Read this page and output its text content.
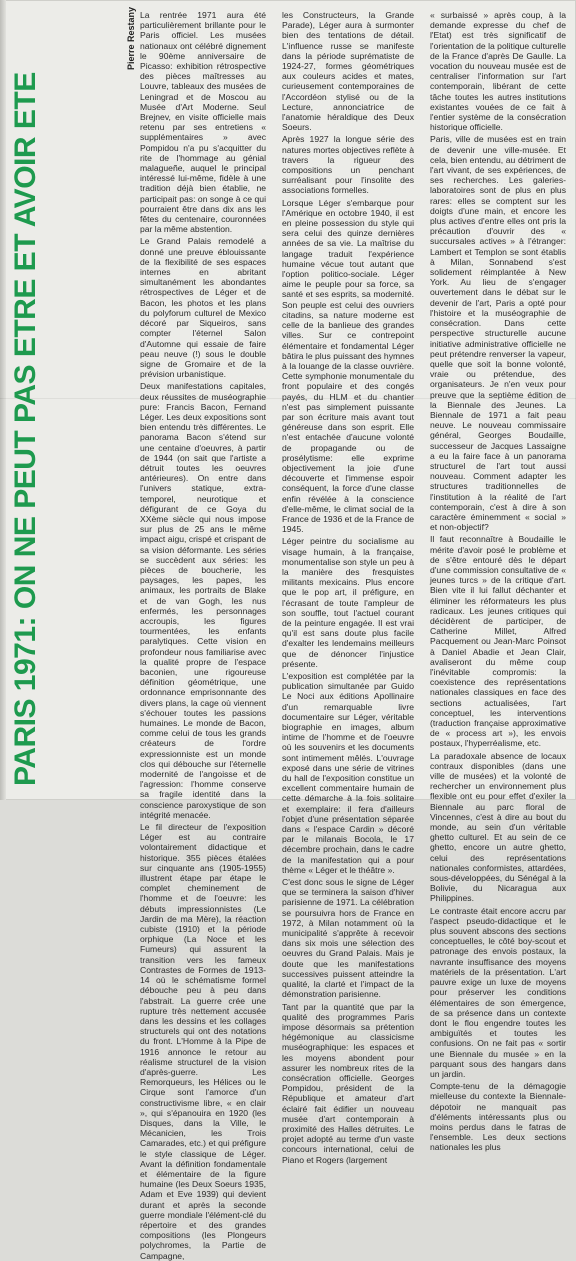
PARIS 1971: ON NE PEUT PAS ETRE ET AVOIR ETE
Pierre Restany La rentrée 1971 aura été particulièrement brillante pour le Paris officiel. Les musées nationaux ont célébré dignement le 90ème anniversaire de Picasso: exhibition rétrospective des pièces maîtresses au Louvre, tableaux des musées de Leningrad et de Moscou au Musée d'Art Moderne. Seul Brejnev, en visite officielle mais retenu par ses entretiens « supplémentaires » avec Pompidou n'a pu s'acquitter du rite de l'hommage au génial malagueñe, auquel le principal intéressé lui-même, fidèle à une tradition déjà bien établie, ne participait pas: on songe à ce qui pourraient être dans dix ans les fêtes du centenaire, couronnées par la même abstention.

Le Grand Palais remodelé a donné une preuve éblouissante de la flexibilité de ses espaces internes en abritant simultanément les abondantes rétrospectives de Léger et de Bacon, les photos et les plans du polyforum culturel de Mexico décoré par Siqueiros, sans compter l'éternel Salon d'Automne qui essaie de faire peau neuve (!) sous le double signe de Gromaire et de la prévision urbanistique.

Deux manifestations capitales, deux réussites de muséographie pure: Francis Bacon, Fernand Léger. Les deux expositions sont bien entendu très différentes. Le panorama Bacon s'étend sur une centaine d'oeuvres, à partir de 1944 (on sait que l'artiste a détruit toutes les oeuvres antérieures). On entre dans l'univers statique, extra-temporel, neurotique et défigurant de ce Goya du XXème siècle qui nous impose sur plus de 25 ans le même impact aigu, crispé et crispant de sa vision déformante. Les séries se succèdent aux séries: les pièces de boucherie, les paysages, les papes, les animaux, les portraits de Blake et de van Gogh, les nus enfermés, les personnages accroupis, les figures tourmentées, les enfants paralytiques. Cette vision en profondeur nous familiarise avec la qualité propre de l'espace baconien, une rigoureuse définition géométrique, une ordonnance emprisonnante des divers plans, la cage où viennent s'échouer toutes les passions humaines. Le monde de Bacon, comme celui de tous les grands créateurs de l'ordre expressionniste est un monde clos qui débouche sur l'éternelle modernité de l'angoisse et de l'agression: l'homme conserve sa fragile identité dans la conscience paroxystique de son intégrité menacée.

Le fil directeur de l'exposition Léger est au contraire volontairement didactique et historique. 355 pièces étalées sur cinquante ans (1905-1955) illustrent étape par étape le complet cheminement de l'homme et de l'oeuvre: les débuts impressionnistes (Le Jardin de ma Mère), la réaction cubiste (1910) et la période orphique (La Noce et les Fumeurs) qui assurent la transition vers les fameux Contrastes de Formes de 1913-14 où le schématisme formel débouche peu à peu dans l'abstrait. La guerre crée une rupture très nettement accusée dans les dessins et les collages structurels qui ont des notations du front. L'Homme à la Pipe de 1916 annonce le retour au réalisme structurel de la vision d'après-guerre. Les Remorqueurs, les Hélices ou le Cirque sont l'amorce d'un constructivisme libre, « en clair », qui s'épanouira en 1920 (les Disques, dans la Ville, le Mécanicien, les Trois Camarades, etc.) et qui préfigure le style classique de Léger. Avant la définition fondamentale et élémentaire de la figure humaine (les Deux Soeurs 1935, Adam et Eve 1939) qui devient durant et après la seconde guerre mondiale l'élément-clé du répertoire et des grandes compositions (les Plongeurs polychromes, la Partie de Campagne,

les Constructeurs, la Grande Parade), Léger aura à surmonter bien des tentations de détail. L'influence russe se manifeste dans la période suprématiste de 1924-27, formes géométriques aux couleurs acides et mates, curieusement contemporaines de l'Accordéon stylisé ou de la Lecture, annonciatrice de l'anatomie héraldique des Deux Soeurs.

Après 1927 la longue série des natures mortes objectives reflète à travers la rigueur des compositions un penchant surréalisant pour l'insolite des associations formelles.

Lorsque Léger s'embarque pour l'Amérique en octobre 1940, il est en pleine possession du style qui sera celui des quinze dernières années de sa vie. La maîtrise du langage traduit l'expérience humaine vécue tout autant que l'option politico-sociale. Léger aime le peuple pour sa force, sa santé et ses esprits, sa modernité. Son peuple est celui des ouvriers citadins, sa nature moderne est celle de la banlieue des grandes villes. Sur ce contrepoint élémentaire et fondamental Léger bâtira le plus puissant des hymnes à la louange de la classe ouvrière. Cette symphonie monumentale du front populaire et des congés payés, du HLM et du chantier n'est pas simplement puissante par son écriture mais avant tout généreuse dans son esprit. Elle n'est entachée d'aucune volonté de propagande ou de prosélytisme: elle exprime objectivement la joie d'une découverte et l'immense espoir conséquent, la force d'une classe enfin révélée à la conscience d'elle-même, le climat social de la France de 1936 et de la France de 1945.

Léger peintre du socialisme au visage humain, à la française, monumentalise son style un peu à la manière des fresquistes militants mexicains. Plus encore que le pop art, il préfigure, en l'écrasant de toute l'ampleur de son souffle, tout l'actuel courant de la peinture engagée. Il est vrai qu'il est sans doute plus facile d'exalter les lendemains meilleurs que de dénoncer l'injustice présente.

L'exposition est complétée par la publication simultanée par Guido Le Noci aux éditions Apollinaire d'un remarquable livre documentaire sur Léger, véritable biographie en images, album intime de l'homme et de l'oeuvre où les souvenirs et les documents sont intimement mêlés. L'ouvrage exposé dans une série de vitrines du hall de l'exposition constitue un excellent commentaire humain de cette démarche à la fois solitaire et exemplaire: il fera d'ailleurs l'objet d'une présentation séparée dans « l'espace Cardin » décoré par le milanais Bocola, le 17 décembre prochain, dans le cadre de la manifestation qui a pour thème « Léger et le théâtre ».

C'est donc sous le signe de Léger que se terminera la saison d'hiver parisienne de 1971. La célébration se poursuivra hors de France en 1972, à Milan notamment où la municipalité s'apprête à recevoir dans six mois une sélection des oeuvres du Grand Palais. Mais je doute que les manifestations successives puissent atteindre la qualité, la clarté et l'impact de la démonstration parisienne.

Tant par la quantité que par la qualité des programmes Paris impose désormais sa prétention hégémonique au classicisme muséographique: les espaces et les moyens abondent pour assurer les nombreux rites de la consécration officielle. Georges Pompidou, président de la République et amateur d'art éclairé fait édifier un nouveau musée d'art contemporain à proximité des Halles détruites. Le projet adopté au terme d'un vaste concours international, celui de Piano et Rogers (largement

« surbaissé » après coup, à la demande expresse du chef de l'Etat) est très significatif de l'orientation de la politique culturelle de la France d'après De Gaulle. La vocation du nouveau musée est de centraliser l'information sur l'art contemporain, libérant de cette tâche toutes les autres institutions existantes vouées de ce fait à l'entier système de la consécration historique officielle.

Paris, ville de musées est en train de devenir une ville-musée. Et cela, bien entendu, au détriment de l'art vivant, de ses expériences, de ses recherches. Les galeries-laboratoires sont de plus en plus rares: elles se comptent sur les doigts d'une main, et encore les plus actives d'entre elles ont pris la précaution d'ouvrir des « succursales actives » à l'étranger: Lambert et Templon se sont établis à Milan, Sonnabend s'est solidement réimplantée à New York. Au lieu de s'engager ouvertement dans le débat sur le devenir de l'art, Paris a opté pour l'histoire et la muséographie de consécration. Dans cette perspective structurelle aucune initiative administrative officielle ne peut prétendre renverser la vapeur, quelle que soit la bonne volonté, vraie ou prétendue, des organisateurs. Je n'en veux pour preuve que la septième édition de la Biennale des Jeunes. La Biennale de 1971 a fait peau neuve. Le nouveau commissaire général, Georges Boudaille, successeur de Jacques Lassaigne a eu la faire face à un panorama structurel de l'art tout aussi nouveau. Comment adapter les structures traditionnelles de l'institution à la réalité de l'art contemporain, c'est à dire à son caractère éminemment « social » et non-objectif?

Il faut reconnaître à Boudaille le mérite d'avoir posé le problème et de s'être entouré dès le départ d'une commission consultative de « jeunes turcs » de la critique d'art. Bien vite il lui fallut déchanter et éliminer les réformateurs les plus radicaux. Les jeunes critiques qui décidèrent de participer, de Catherine Millet, Alfred Pacquement ou Jean-Marc Poinsot à Daniel Abadie et Jean Clair, avaliseront du même coup l'inévitable compromis: la coexistence des représentations nationales classiques en face des sections actualisées, l'art conceptuel, les interventions (traduction française approximative de « process art »), les envois postaux, l'hyperréalisme, etc.

La paradoxale absence de locaux contraux disponibles (dans une ville de musées) et la volonté de rechercher un environnement plus flexible ont eu pour effet d'exiler la Biennale au parc floral de Vincennes, c'est à dire au bout du monde, au sein d'un véritable ghetto culturel. Et au sein de ce ghetto, encore un autre ghetto, celui des représentations nationales conformistes, attardées, sous-développées, du Sénégal à la Bolivie, du Nicaragua aux Philippines.

Le contraste était encore accru par l'aspect pseudo-didactique et le plus souvent abscons des sections conceptuelles, le côté boy-scout et patronage des envois postaux, la navrante insuffisance des moyens matériels de la présentation. L'art pauvre exige un luxe de moyens pour préserver les conditions élémentaires de son émergence, de sa présence dans un contexte dont le flou engendre toutes les ambiguïtés et toutes les confusions. On ne fait pas « sortir une Biennale du musée » en la parquant sous des hangars dans un jardin.

Compte-tenu de la démagogie mielleuse du contexte la Biennale-dépotoir ne manquait pas d'éléments intéressants plus ou moins perdus dans le fatras de l'ensemble. Les deux sections nationales les plus
